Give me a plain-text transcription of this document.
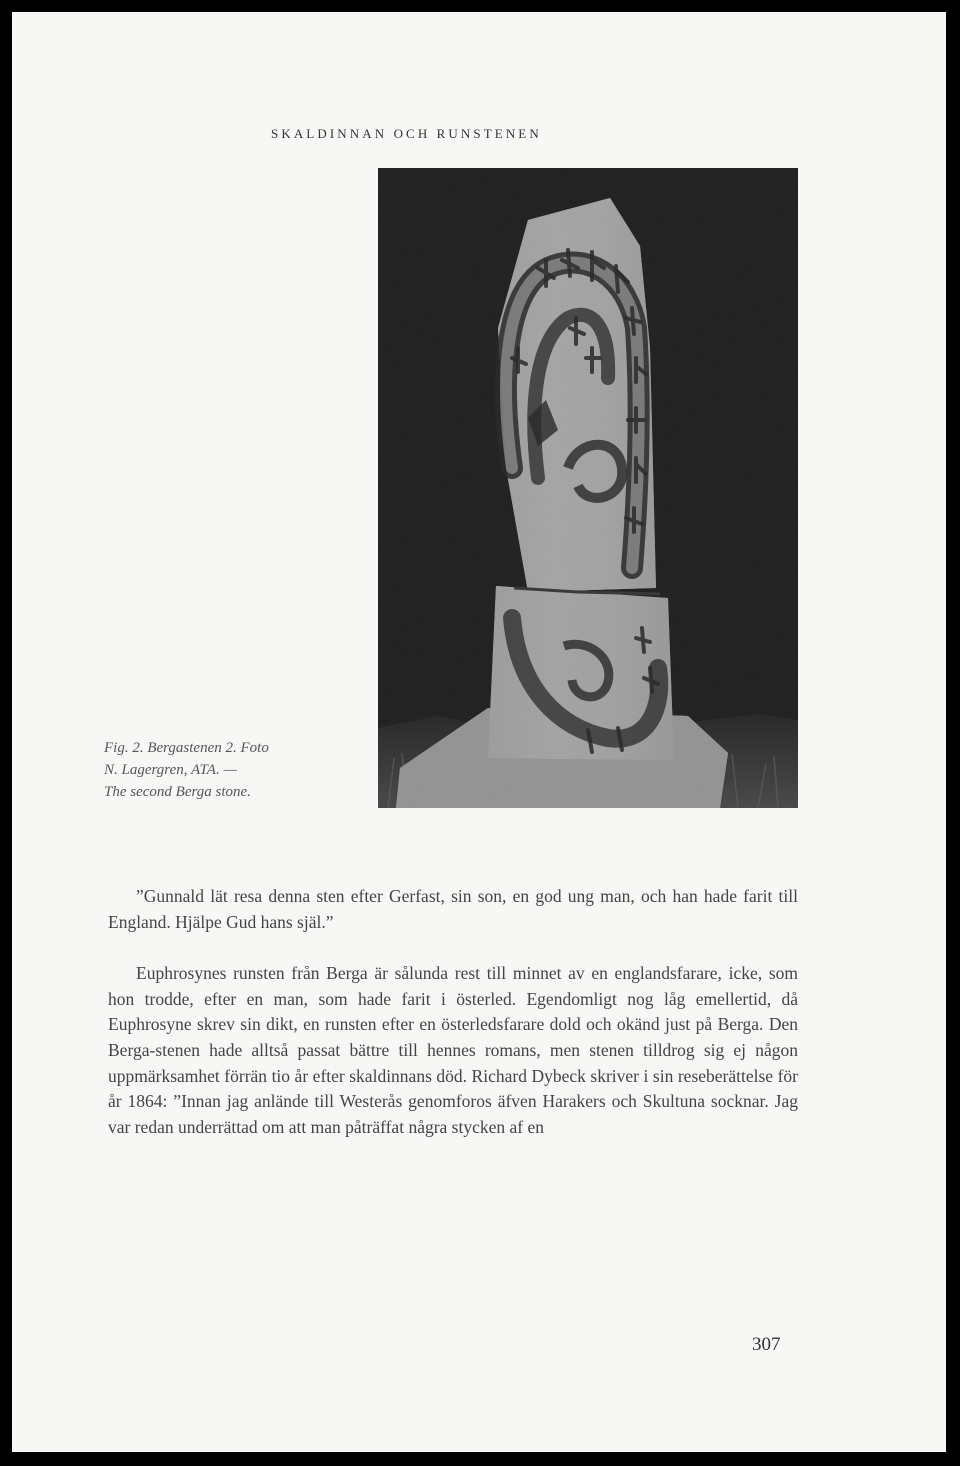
SKALDINNAN OCH RUNSTENEN
Fig. 2. Bergastenen 2. Foto
N. Lagergren, ATA. —
The second Berga stone.

”Gunnald lät resa denna sten efter Gerfast, sin son, en god ung man, och han hade farit till England. Hjälpe Gud hans själ.”

Euphrosynes runsten från Berga är sålunda rest till minnet av en englandsfarare, icke, som hon trodde, efter en man, som hade farit i österled. Egendomligt nog låg emellertid, då Euphrosyne skrev sin dikt, en runsten efter en österledsfarare dold och okänd just på Berga. Den Berga-stenen hade alltså passat bättre till hennes romans, men stenen tilldrog sig ej någon uppmärksamhet förrän tio år efter skaldinnans död. Richard Dybeck skriver i sin reseberättelse för år 1864: ”Innan jag anlände till Westerås genomforos äfven Harakers och Skultuna socknar. Jag var redan underrättad om att man påträffat några stycken af en

307
